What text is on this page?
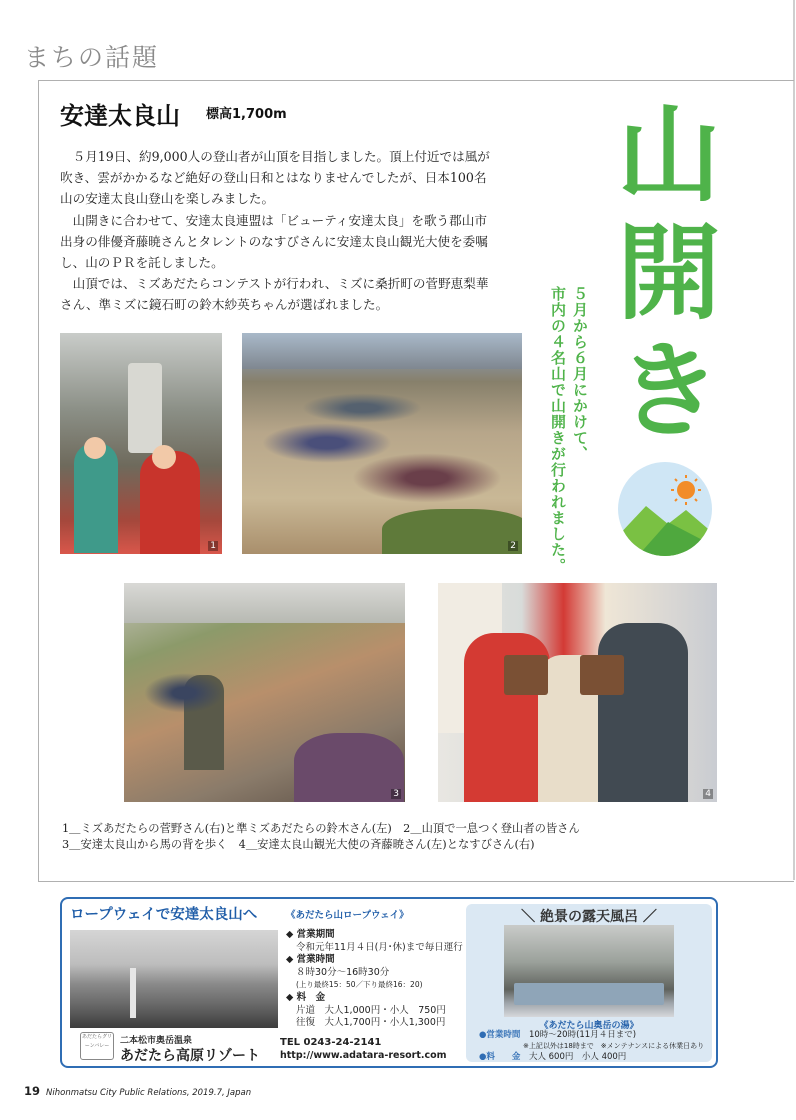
まちの話題
安達太良山 標高1,700m

５月19日、約9,000人の登山者が山頂を目指しました。頂上付近では風が吹き、雲がかかるなど絶好の登山日和とはなりませんでしたが、日本100名山の安達太良山登山を楽しみました。

山開きに合わせて、安達太良連盟は「ビューティ安達太良」を歌う郡山市出身の俳優斉藤暁さんとタレントのなすびさんに安達太良山観光大使を委嘱し、山のＰＲを託しました。

山頂では、ミズあだたらコンテストが行われ、ミズに桑折町の菅野恵梨華さん、準ミズに鏡石町の鈴木紗英ちゃんが選ばれました。

山
開
き
５月から６月にかけて、
市内の４名山で山開きが行われました。
1	2
3	4
1＿ミズあだたらの菅野さん(右)と準ミズあだたらの鈴木さん(左)　2＿山頂で一息つく登山者の皆さん
3＿安達太良山から馬の背を歩く　4＿安達太良山観光大使の斉藤暁さん(左)となすびさん(右)
ロープウェイで安達太良山へ	《あだたら山ロープウェイ》
あだたらグリーンバレー	二本松市奥岳温泉
あだたら高原リゾート
◆ 営業期間
令和元年11月４日(月･休)まで毎日運行
◆ 営業時間
８時30分～16時30分
(上り最終15：50／下り最終16：20)
◆ 料　金
片道　大人1,000円・小人　750円
往復　大人1,700円・小人1,300円
TEL 0243-24-2141
http://www.adatara-resort.com
＼ 絶景の露天風呂 ／
《あだたら山奥岳の湯》
●営業時間　 10時～20時(11月４日まで)
※上記以外は18時まで　※メンテナンスによる休業日あり
●料　　金　 大人 600円　小人 400円
19 Nihonmatsu City Public Relations, 2019.7, Japan
